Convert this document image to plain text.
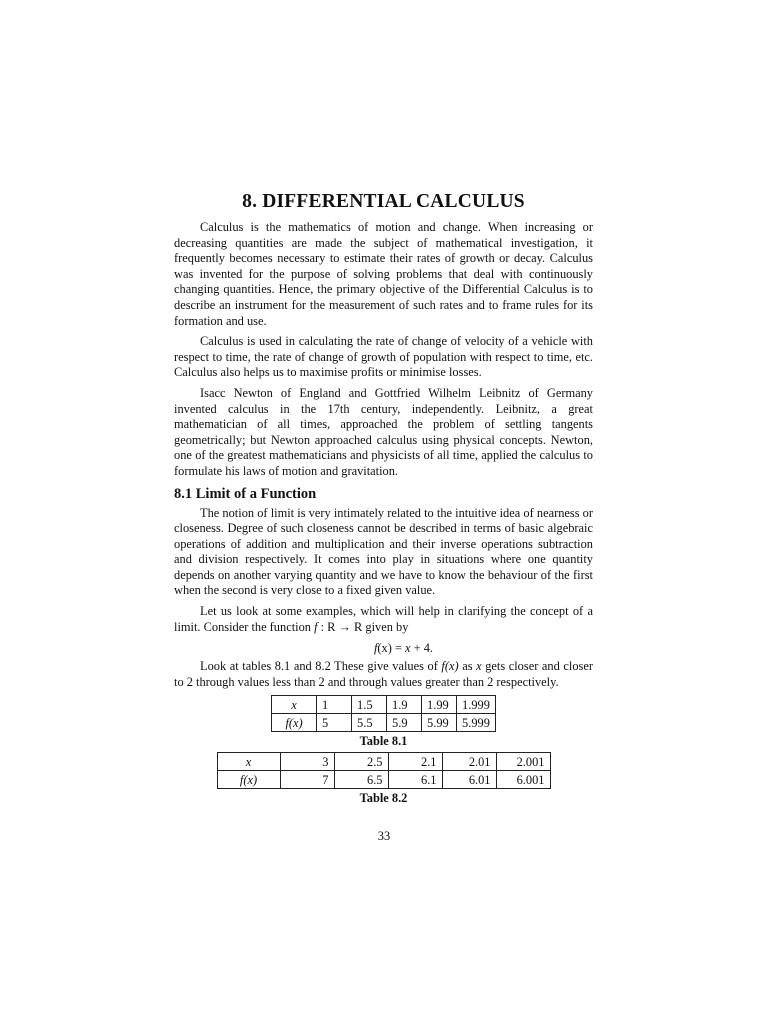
8. DIFFERENTIAL CALCULUS

Calculus is the mathematics of motion and change. When increasing or decreasing quantities are made the subject of mathematical investigation, it frequently becomes necessary to estimate their rates of growth or decay. Calculus was invented for the purpose of solving problems that deal with continuously changing quantities. Hence, the primary objective of the Differential Calculus is to describe an instrument for the measurement of such rates and to frame rules for its formation and use.

Calculus is used in calculating the rate of change of velocity of a vehicle with respect to time, the rate of change of growth of population with respect to time, etc. Calculus also helps us to maximise profits or minimise losses.

Isacc Newton of England and Gottfried Wilhelm Leibnitz of Germany invented calculus in the 17th century, independently. Leibnitz, a great mathematician of all times, approached the problem of settling tangents geometrically; but Newton approached calculus using physical concepts. Newton, one of the greatest mathematicians and physicists of all time, applied the calculus to formulate his laws of motion and gravitation.

8.1 Limit of a Function

The notion of limit is very intimately related to the intuitive idea of nearness or closeness. Degree of such closeness cannot be described in terms of basic algebraic operations of addition and multiplication and their inverse operations subtraction and division respectively. It comes into play in situations where one quantity depends on another varying quantity and we have to know the behaviour of the first when the second is very close to a fixed given value.

Let us look at some examples, which will help in clarifying the concept of a limit. Consider the function f : R → R given by

f(x) = x + 4.

Look at tables 8.1 and 8.2 These give values of f(x) as x gets closer and closer to 2 through values less than 2 and through values greater than 2 respectively.

x	1	1.5	1.9	1.99	1.999
f(x)	5	5.5	5.9	5.99	5.999
Table 8.1
x	3	2.5	2.1	2.01	2.001
f(x)	7	6.5	6.1	6.01	6.001
Table 8.2
33
